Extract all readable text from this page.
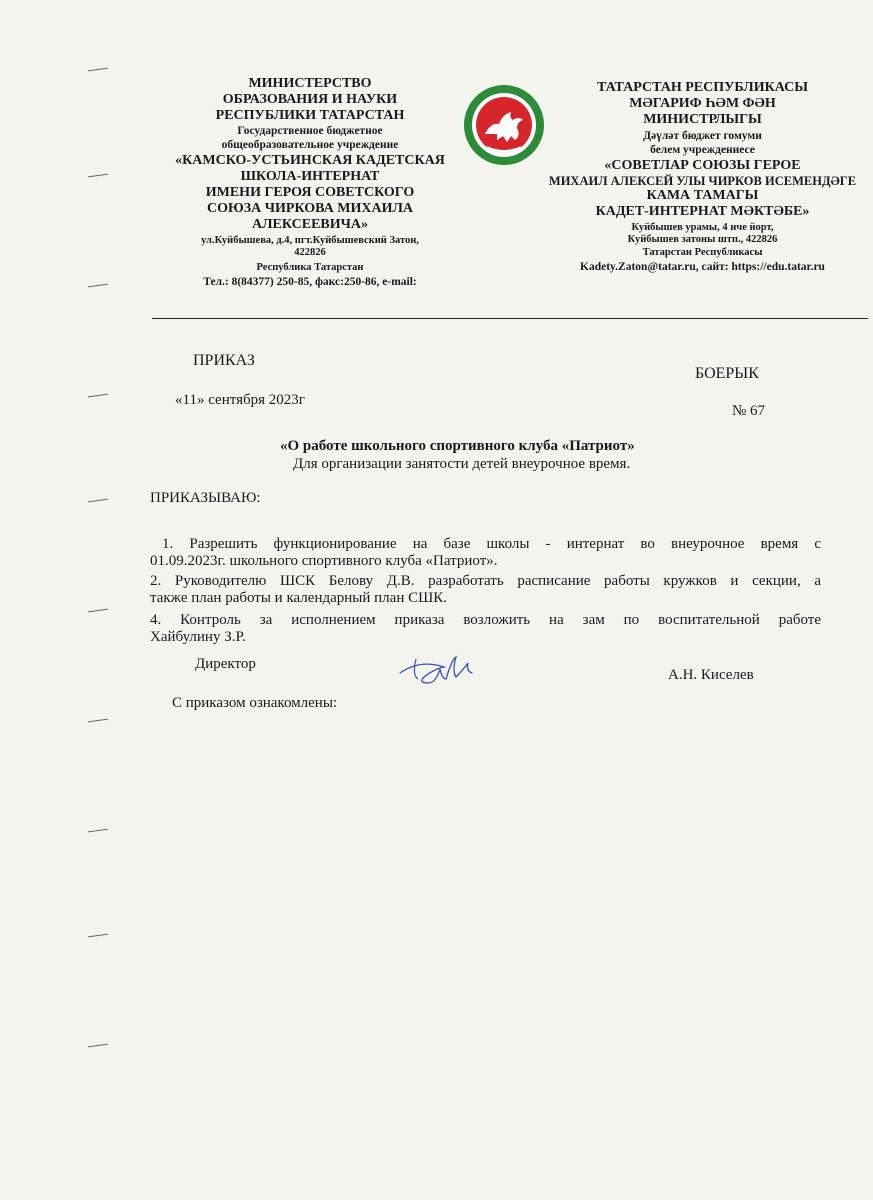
МИНИСТЕРСТВО
ОБРАЗОВАНИЯ И НАУКИ
РЕСПУБЛИКИ ТАТАРСТАН
Государственное бюджетное
общеобразовательное учреждение
«КАМСКО-УСТЬИНСКАЯ КАДЕТСКАЯ
ШКОЛА-ИНТЕРНАТ
ИМЕНИ ГЕРОЯ СОВЕТСКОГО
СОЮЗА ЧИРКОВА МИХАИЛА
АЛЕКСЕЕВИЧА»
ул.Куйбышева, д.4, пгт.Куйбышевский Затон,
422826
Республика Татарстан
Тел.: 8(84377) 250-85, факс:250-86, e-mail:
ТАТАРСТАН РЕСПУБЛИКАСЫ
МӘГАРИФ ҺӘМ ФӘН
МИНИСТРЛЫГЫ
Дәүләт бюджет гомуми
белем учреждениесе
«СОВЕТЛАР СОЮЗЫ ГЕРОЕ
МИХАИЛ АЛЕКСЕЙ УЛЫ ЧИРКОВ ИСЕМЕНДӘГЕ
КАМА ТАМАГЫ
КАДЕТ-ИНТЕРНАТ МӘКТӘБЕ»
Куйбышев урамы, 4 нче йорт,
Куйбышев затоны штп., 422826
Татарстан Республикасы
Kadety.Zaton@tatar.ru, сайт: https://edu.tatar.ru
ПРИКАЗ
БОЕРЫК
«11» сентября 2023г
№ 67
«О работе школьного спортивного клуба «Патриот»
Для организации занятости детей внеурочное время.
ПРИКАЗЫВАЮ:

1. Разрешить функционирование на базе школы - интернат во внеурочное время с

01.09.2023г. школьного спортивного клуба «Патриот».

2. Руководителю ШСК Белову Д.В. разработать расписание работы кружков и секции, а

также план работы и календарный план СШК.

4. Контроль за исполнением приказа возложить на зам по воспитательной работе

Хайбулину З.Р.

Директор
А.Н. Киселев
С приказом ознакомлены:
